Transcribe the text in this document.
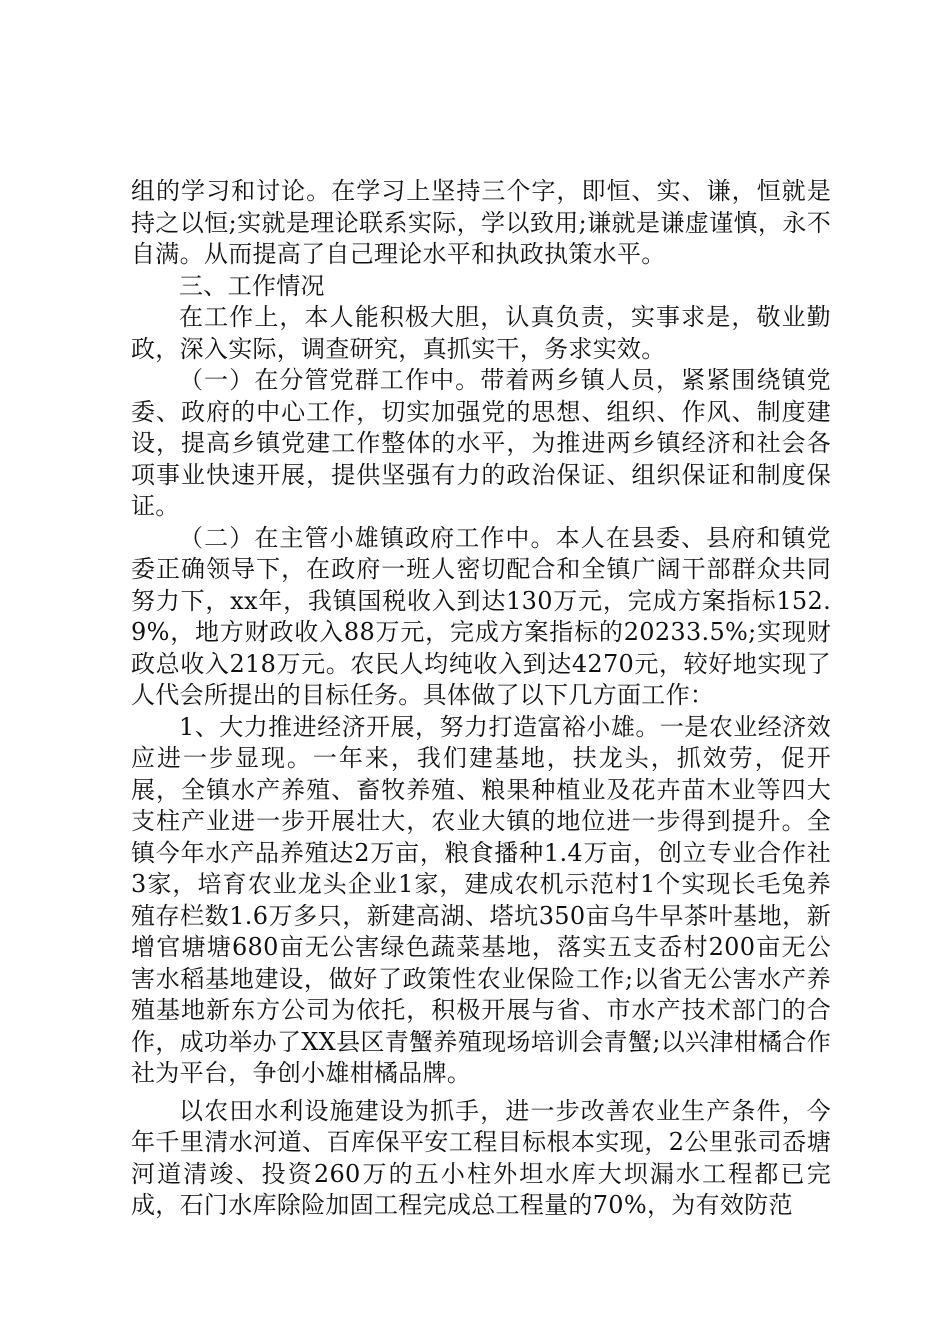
组的学习和讨论。在学习上坚持三个字，即恒、实、谦，恒就是持之以恒;实就是理论联系实际，学以致用;谦就是谦虚谨慎，永不自满。从而提高了自己理论水平和执政执策水平。

三、工作情况

在工作上，本人能积极大胆，认真负责，实事求是，敬业勤政，深入实际，调查研究，真抓实干，务求实效。

（一）在分管党群工作中。带着两乡镇人员，紧紧围绕镇党委、政府的中心工作，切实加强党的思想、组织、作风、制度建设，提高乡镇党建工作整体的水平，为推进两乡镇经济和社会各项事业快速开展，提供坚强有力的政治保证、组织保证和制度保证。

（二）在主管小雄镇政府工作中。本人在县委、县府和镇党委正确领导下，在政府一班人密切配合和全镇广阔干部群众共同努力下，xx年，我镇国税收入到达130万元，完成方案指标152.9%，地方财政收入88万元，完成方案指标的20233.5%;实现财政总收入218万元。农民人均纯收入到达4270元，较好地实现了人代会所提出的目标任务。具体做了以下几方面工作：

1、大力推进经济开展，努力打造富裕小雄。一是农业经济效应进一步显现。一年来，我们建基地，扶龙头，抓效劳，促开展，全镇水产养殖、畜牧养殖、粮果种植业及花卉苗木业等四大支柱产业进一步开展壮大，农业大镇的地位进一步得到提升。全镇今年水产品养殖达2万亩，粮食播种1.4万亩，创立专业合作社3家，培育农业龙头企业1家，建成农机示范村1个实现长毛兔养殖存栏数1.6万多只，新建高湖、塔坑350亩乌牛早茶叶基地，新增官塘塘680亩无公害绿色蔬菜基地，落实五支岙村200亩无公害水稻基地建设，做好了政策性农业保险工作;以省无公害水产养殖基地新东方公司为依托，积极开展与省、市水产技术部门的合作，成功举办了XX县区青蟹养殖现场培训会青蟹;以兴津柑橘合作社为平台，争创小雄柑橘品牌。

以农田水利设施建设为抓手，进一步改善农业生产条件，今年千里清水河道、百库保平安工程目标根本实现，2公里张司岙塘河道清竣、投资260万的五小柱外坦水库大坝漏水工程都已完成，石门水库除险加固工程完成总工程量的70%，为有效防范
